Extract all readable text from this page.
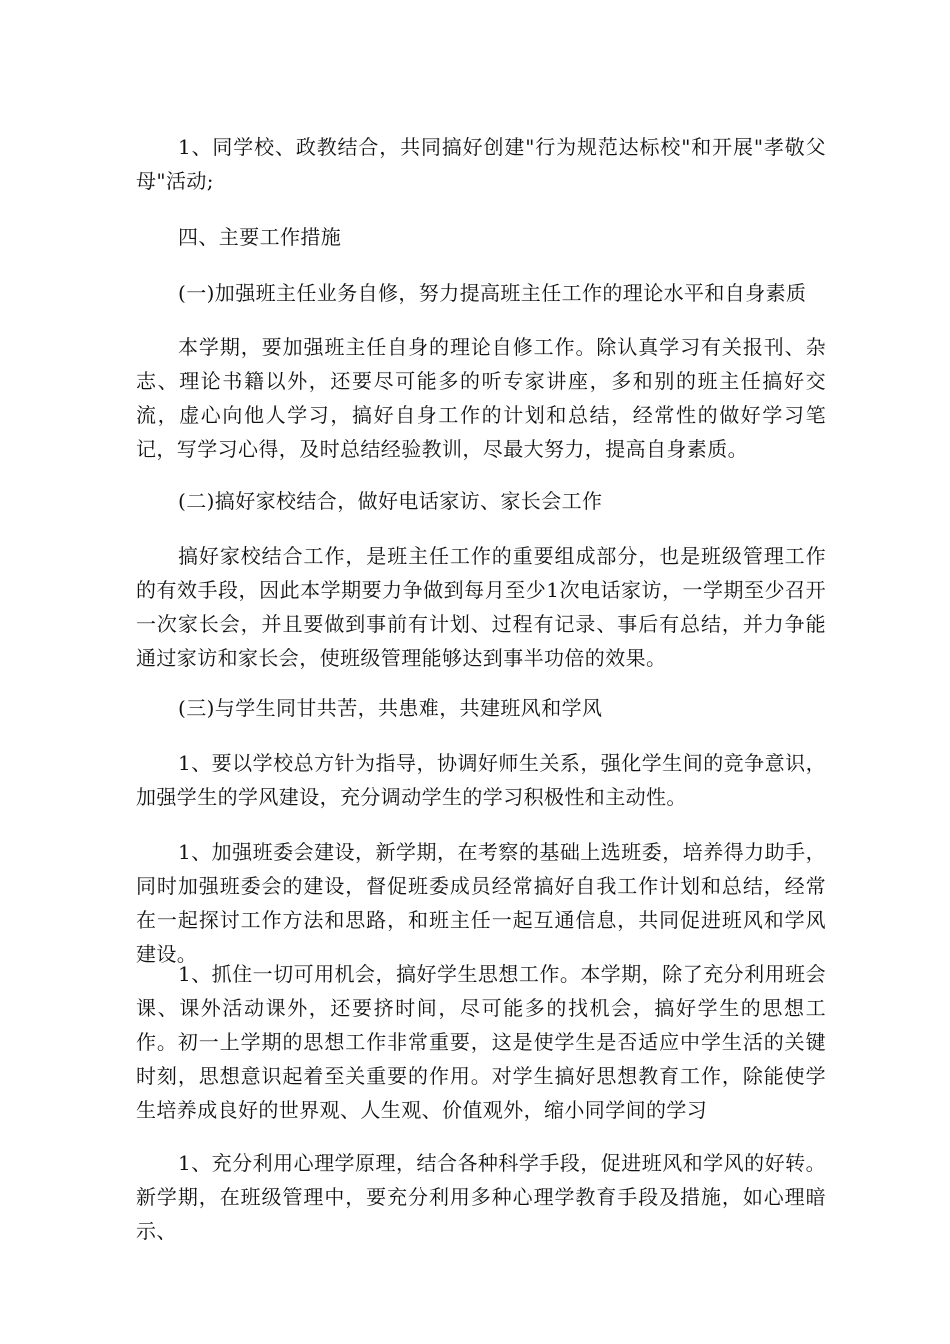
1、同学校、政教结合，共同搞好创建"行为规范达标校"和开展"孝敬父母"活动;

四、主要工作措施

(一)加强班主任业务自修，努力提高班主任工作的理论水平和自身素质

本学期，要加强班主任自身的理论自修工作。除认真学习有关报刊、杂志、理论书籍以外，还要尽可能多的听专家讲座，多和别的班主任搞好交流，虚心向他人学习，搞好自身工作的计划和总结，经常性的做好学习笔记，写学习心得，及时总结经验教训，尽最大努力，提高自身素质。

(二)搞好家校结合，做好电话家访、家长会工作

搞好家校结合工作，是班主任工作的重要组成部分，也是班级管理工作的有效手段，因此本学期要力争做到每月至少1次电话家访，一学期至少召开一次家长会，并且要做到事前有计划、过程有记录、事后有总结，并力争能通过家访和家长会，使班级管理能够达到事半功倍的效果。

(三)与学生同甘共苦，共患难，共建班风和学风

1、要以学校总方针为指导，协调好师生关系，强化学生间的竞争意识，加强学生的学风建设，充分调动学生的学习积极性和主动性。

1、加强班委会建设，新学期，在考察的基础上选班委，培养得力助手，同时加强班委会的建设，督促班委成员经常搞好自我工作计划和总结，经常在一起探讨工作方法和思路，和班主任一起互通信息，共同促进班风和学风建设。

1、抓住一切可用机会，搞好学生思想工作。本学期，除了充分利用班会课、课外活动课外，还要挤时间，尽可能多的找机会，搞好学生的思想工作。初一上学期的思想工作非常重要，这是使学生是否适应中学生活的关键时刻，思想意识起着至关重要的作用。对学生搞好思想教育工作，除能使学生培养成良好的世界观、人生观、价值观外，缩小同学间的学习

1、充分利用心理学原理，结合各种科学手段，促进班风和学风的好转。新学期，在班级管理中，要充分利用多种心理学教育手段及措施，如心理暗示、
